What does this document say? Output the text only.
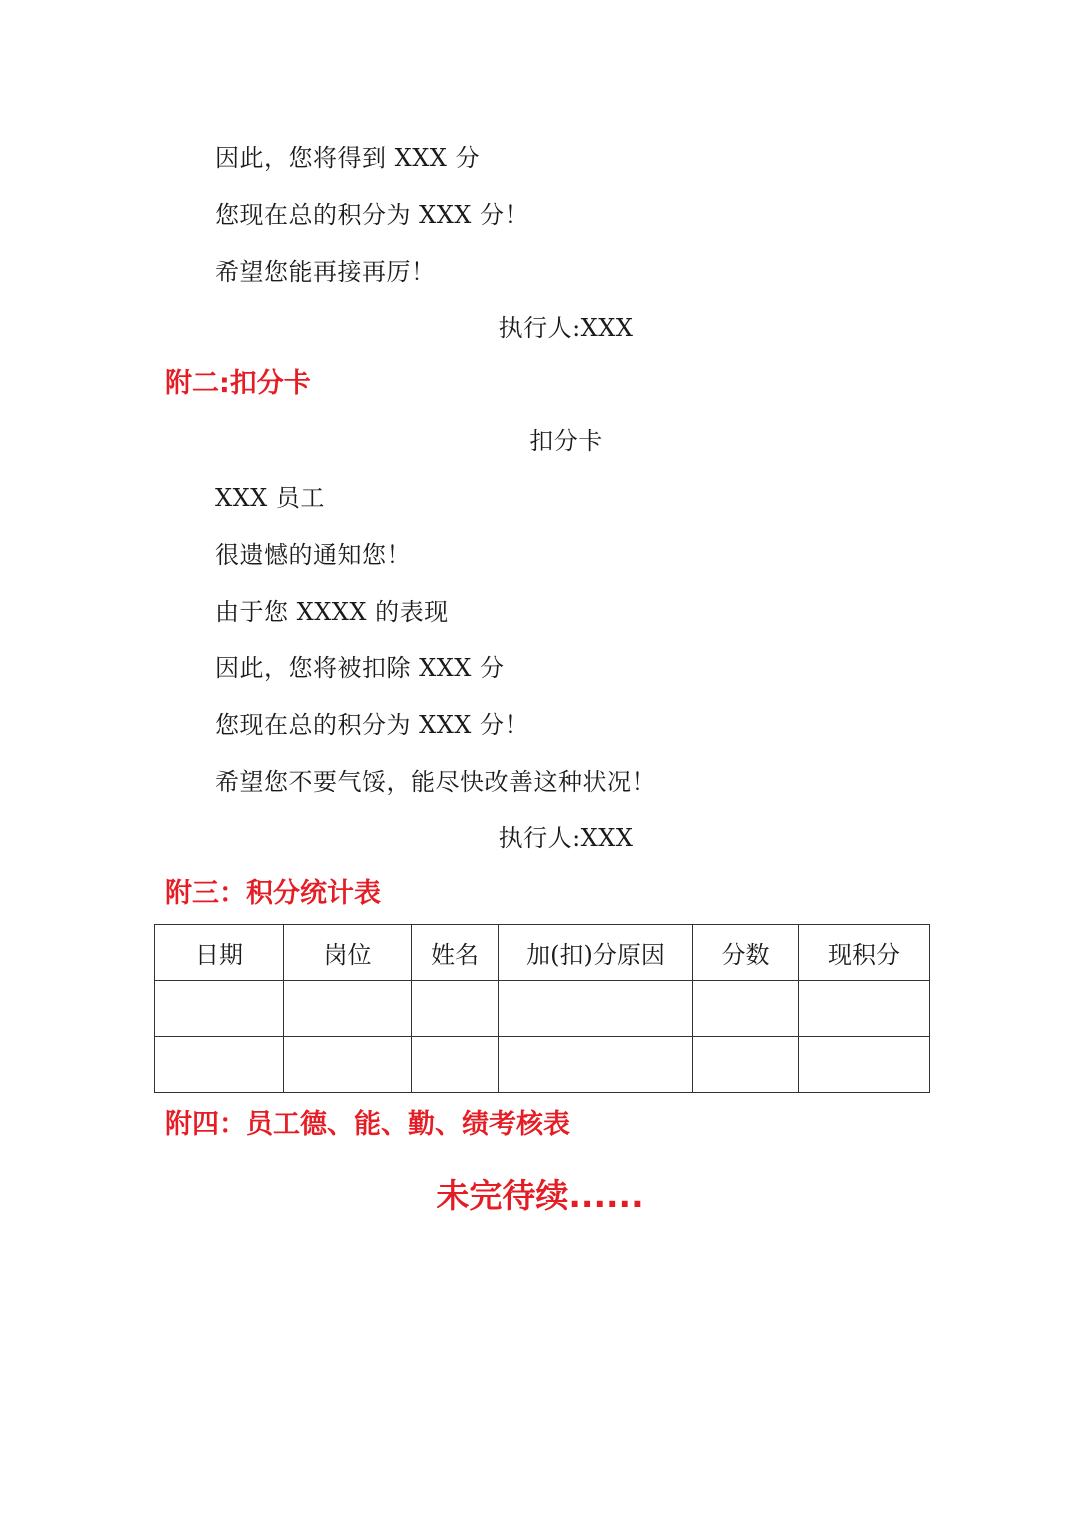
因此，您将得到 XXX 分
您现在总的积分为 XXX 分！
希望您能再接再厉！
执行人:XXX
附二:扣分卡
扣分卡
XXX 员工
很遗憾的通知您！
由于您 XXXX 的表现
因此，您将被扣除 XXX 分
您现在总的积分为 XXX 分！
希望您不要气馁，能尽快改善这种状况！
执行人:XXX
附三：积分统计表
日期	岗位	姓名	加(扣)分原因	分数	现积分

附四：员工德、能、勤、绩考核表
未完待续......
